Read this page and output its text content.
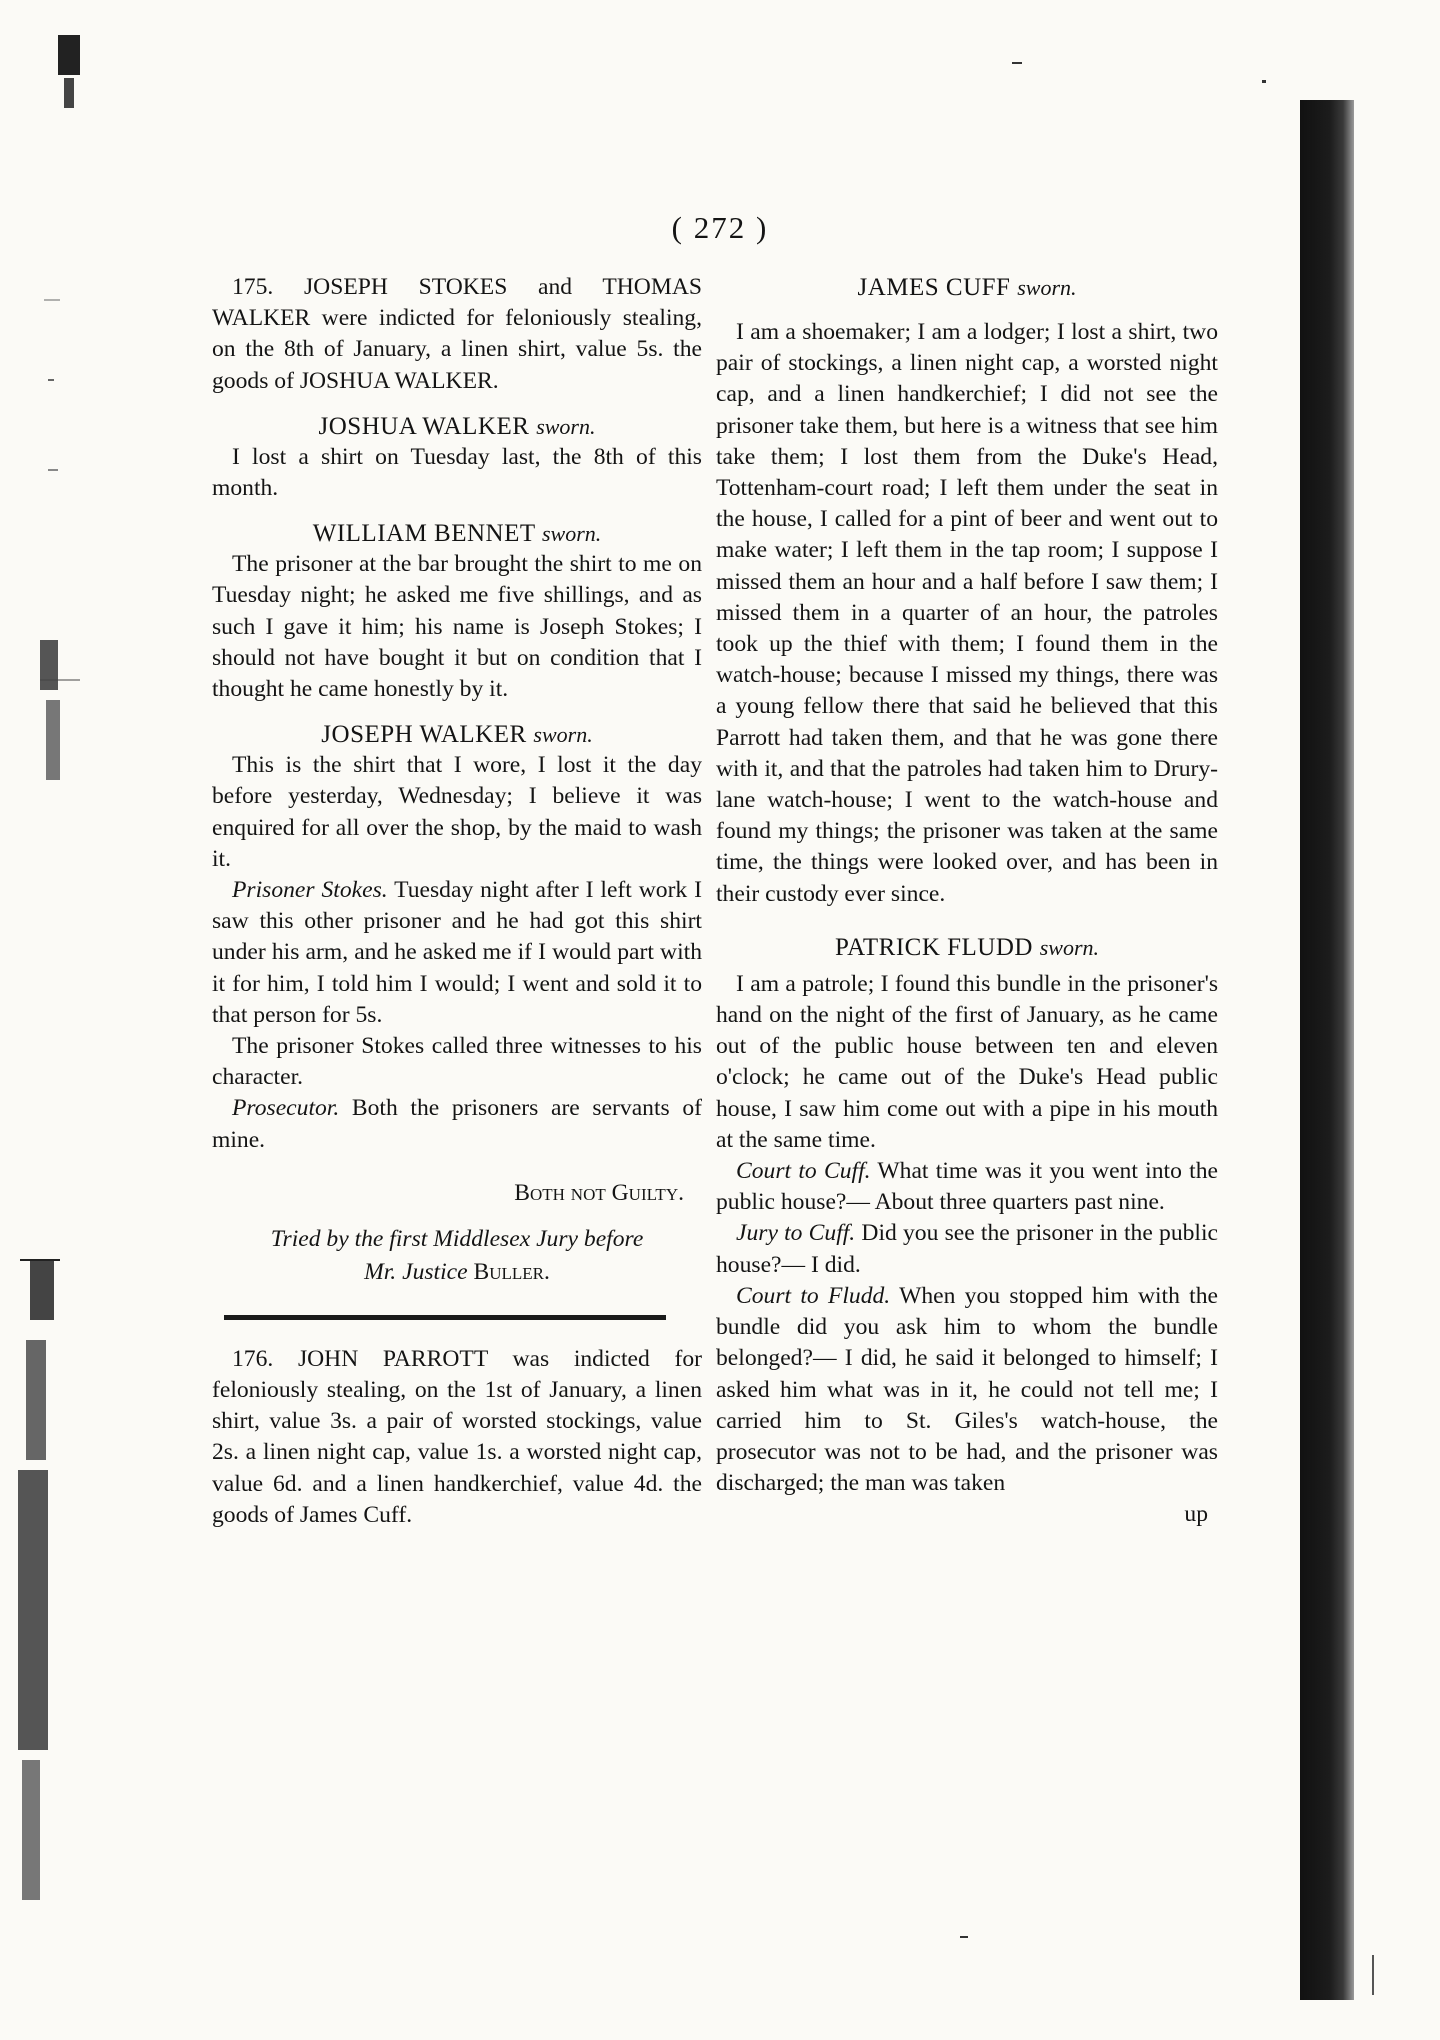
( 272 )

175. JOSEPH STOKES and THOMAS WALKER were indicted for feloniously stealing, on the 8th of January, a linen shirt, value 5s. the goods of JOSHUA WALKER.

JOSHUA WALKER sworn.

I lost a shirt on Tuesday last, the 8th of this month.

WILLIAM BENNET sworn.

The prisoner at the bar brought the shirt to me on Tuesday night; he asked me five shillings, and as such I gave it him; his name is Joseph Stokes; I should not have bought it but on condition that I thought he came honestly by it.

JOSEPH WALKER sworn.

This is the shirt that I wore, I lost it the day before yesterday, Wednesday; I believe it was enquired for all over the shop, by the maid to wash it.

Prisoner Stokes. Tuesday night after I left work I saw this other prisoner and he had got this shirt under his arm, and he asked me if I would part with it for him, I told him I would; I went and sold it to that person for 5s.

The prisoner Stokes called three witnesses to his character.

Prosecutor. Both the prisoners are servants of mine.

Both not Guilty.

Tried by the first Middlesex Jury before

Mr. Justice Buller.

176. JOHN PARROTT was indicted for feloniously stealing, on the 1st of January, a linen shirt, value 3s. a pair of worsted stockings, value 2s. a linen night cap, value 1s. a worsted night cap, value 6d. and a linen handkerchief, value 4d. the goods of James Cuff.

JAMES CUFF sworn.

I am a shoemaker; I am a lodger; I lost a shirt, two pair of stockings, a linen night cap, a worsted night cap, and a linen handkerchief; I did not see the prisoner take them, but here is a witness that see him take them; I lost them from the Duke's Head, Tottenham-court road; I left them under the seat in the house, I called for a pint of beer and went out to make water; I left them in the tap room; I suppose I missed them an hour and a half before I saw them; I missed them in a quarter of an hour, the patroles took up the thief with them; I found them in the watch-house; because I missed my things, there was a young fellow there that said he believed that this Parrott had taken them, and that he was gone there with it, and that the patroles had taken him to Drury-lane watch-house; I went to the watch-house and found my things; the prisoner was taken at the same time, the things were looked over, and has been in their custody ever since.

PATRICK FLUDD sworn.

I am a patrole; I found this bundle in the prisoner's hand on the night of the first of January, as he came out of the public house between ten and eleven o'clock; he came out of the Duke's Head public house, I saw him come out with a pipe in his mouth at the same time.

Court to Cuff. What time was it you went into the public house?— About three quarters past nine.

Jury to Cuff. Did you see the prisoner in the public house?— I did.

Court to Fludd. When you stopped him with the bundle did you ask him to whom the bundle belonged?— I did, he said it belonged to himself; I asked him what was in it, he could not tell me; I carried him to St. Giles's watch-house, the prosecutor was not to be had, and the prisoner was discharged; the man was taken

up
